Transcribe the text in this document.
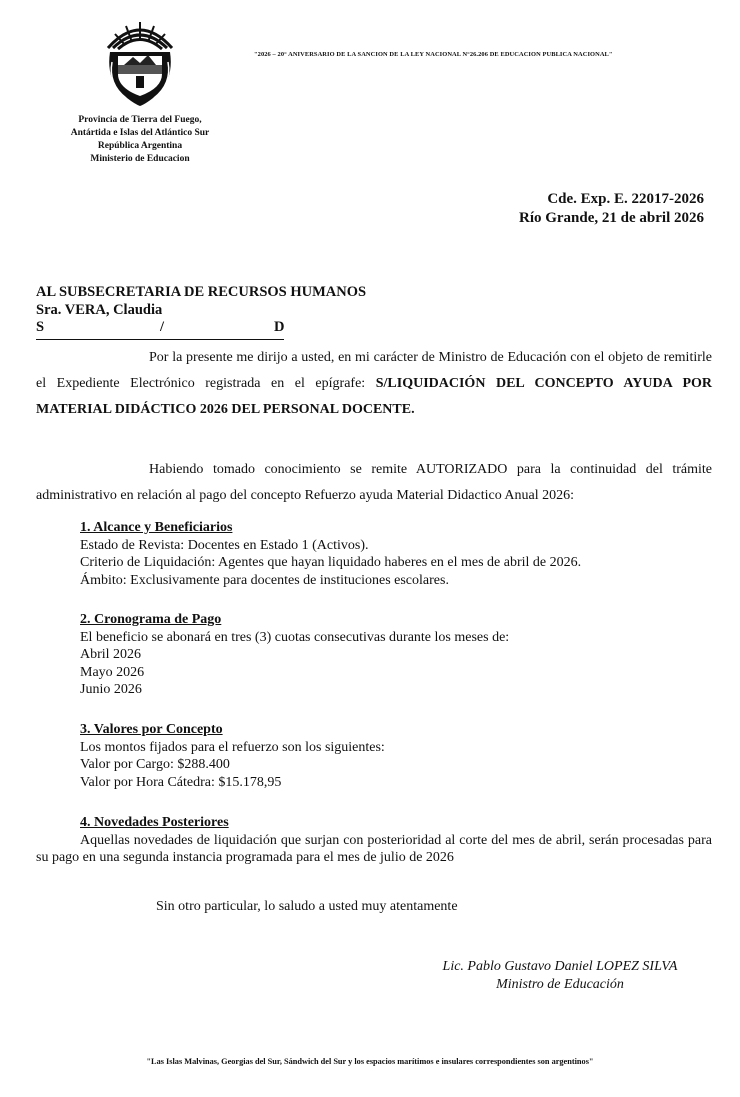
Provincia de Tierra del Fuego,
Antártida e Islas del Atlántico Sur
República Argentina
Ministerio de Educacion
"2026 – 20° ANIVERSARIO DE LA SANCION DE LA LEY NACIONAL N°26.206 DE EDUCACION PUBLICA NACIONAL"
Cde. Exp. E. 22017-2026
Río Grande, 21 de abril 2026
AL SUBSECRETARIA DE RECURSOS HUMANOS
Sra. VERA, Claudia
S	/	D
Por la presente me dirijo a usted, en mi carácter de Ministro de Educación con el objeto de remitirle el Expediente Electrónico registrada en el epígrafe: S/LIQUIDACIÓN DEL CONCEPTO AYUDA POR MATERIAL DIDÁCTICO 2026 DEL PERSONAL DOCENTE.
Habiendo tomado conocimiento se remite AUTORIZADO para la continuidad del trámite administrativo en relación al pago del concepto Refuerzo ayuda Material Didactico Anual 2026:
1. Alcance y Beneficiarios
Estado de Revista: Docentes en Estado 1 (Activos).
Criterio de Liquidación: Agentes que hayan liquidado haberes en el mes de abril de 2026.
Ámbito: Exclusivamente para docentes de instituciones escolares.
2. Cronograma de Pago
El beneficio se abonará en tres (3) cuotas consecutivas durante los meses de:
Abril 2026
Mayo 2026
Junio 2026
3. Valores por Concepto
Los montos fijados para el refuerzo son los siguientes:
Valor por Cargo: $288.400
Valor por Hora Cátedra: $15.178,95
4. Novedades Posteriores
Aquellas novedades de liquidación que surjan con posterioridad al corte del mes de abril, serán procesadas para su pago en una segunda instancia programada para el mes de julio de 2026
Sin otro particular, lo saludo a usted muy atentamente
Lic. Pablo Gustavo Daniel LOPEZ SILVA
Ministro de Educación
"Las Islas Malvinas, Georgias del Sur, Sándwich del Sur y los espacios marítimos e insulares correspondientes son argentinos"
